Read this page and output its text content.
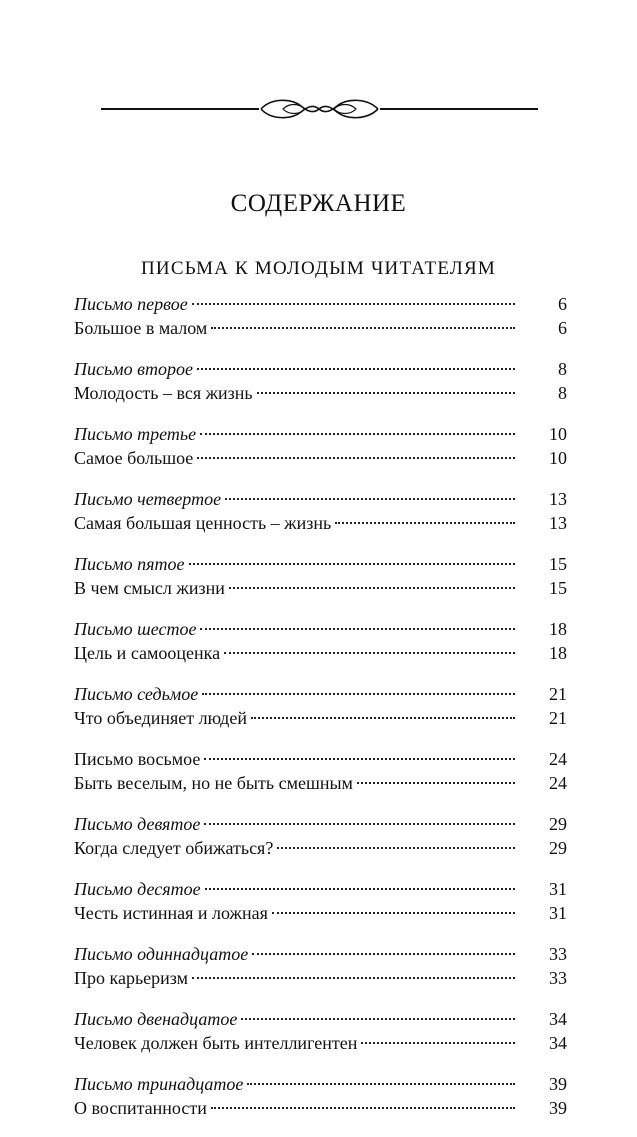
СОДЕРЖАНИЕ
ПИСЬМА К МОЛОДЫМ ЧИТАТЕЛЯМ
Письмо первое	6
Большое в малом	6
Письмо второе	8
Молодость – вся жизнь	8
Письмо третье	10
Самое большое	10
Письмо четвертое	13
Самая большая ценность – жизнь	13
Письмо пятое	15
В чем смысл жизни	15
Письмо шестое	18
Цель и самооценка	18
Письмо седьмое	21
Что объединяет людей	21
Письмо восьмое	24
Быть веселым, но не быть смешным	24
Письмо девятое	29
Когда следует обижаться?	29
Письмо десятое	31
Честь истинная и ложная	31
Письмо одиннадцатое	33
Про карьеризм	33
Письмо двенадцатое	34
Человек должен быть интеллигентен	34
Письмо тринадцатое	39
О воспитанности	39
